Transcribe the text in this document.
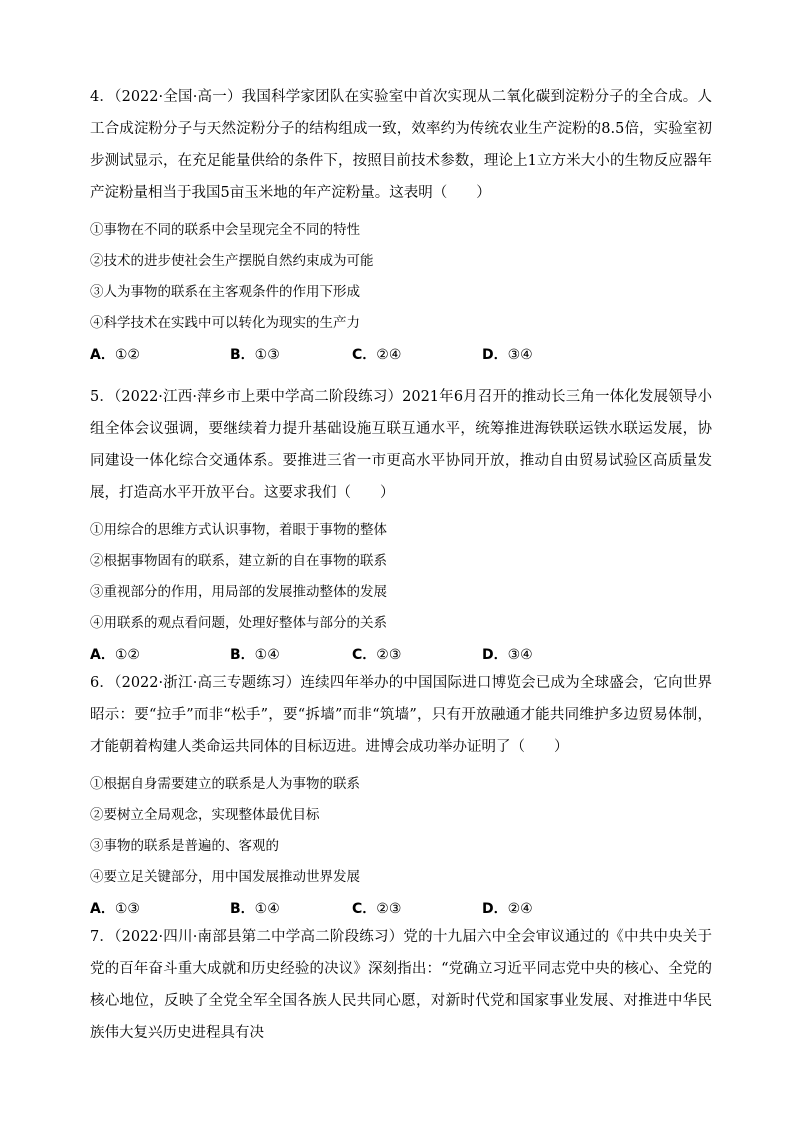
4．（2022·全国·高一）我国科学家团队在实验室中首次实现从二氧化碳到淀粉分子的全合成。人工合成淀粉分子与天然淀粉分子的结构组成一致，效率约为传统农业生产淀粉的8.5倍，实验室初步测试显示，在充足能量供给的条件下，按照目前技术参数，理论上1立方米大小的生物反应器年产淀粉量相当于我国5亩玉米地的年产淀粉量。这表明（　　）

①事物在不同的联系中会呈现完全不同的特性
②技术的进步使社会生产摆脱自然约束成为可能
③人为事物的联系在主客观条件的作用下形成
④科学技术在实践中可以转化为现实的生产力
A．①②	B．①③	C．②④	D．③④

5．（2022·江西·萍乡市上栗中学高二阶段练习）2021年6月召开的推动长三角一体化发展领导小组全体会议强调，要继续着力提升基础设施互联互通水平，统筹推进海铁联运铁水联运发展，协同建设一体化综合交通体系。要推进三省一市更高水平协同开放，推动自由贸易试验区高质量发展，打造高水平开放平台。这要求我们（　　）

①用综合的思维方式认识事物，着眼于事物的整体
②根据事物固有的联系，建立新的自在事物的联系
③重视部分的作用，用局部的发展推动整体的发展
④用联系的观点看问题，处理好整体与部分的关系
A．①②	B．①④	C．②③	D．③④

6．（2022·浙江·高三专题练习）连续四年举办的中国国际进口博览会已成为全球盛会，它向世界昭示：要“拉手”而非“松手”，要“拆墙”而非“筑墙”，只有开放融通才能共同维护多边贸易体制，才能朝着构建人类命运共同体的目标迈进。进博会成功举办证明了（　　）

①根据自身需要建立的联系是人为事物的联系
②要树立全局观念，实现整体最优目标
③事物的联系是普遍的、客观的
④要立足关键部分，用中国发展推动世界发展
A．①③	B．①④	C．②③	D．②④

7．（2022·四川·南部县第二中学高二阶段练习）党的十九届六中全会审议通过的《中共中央关于党的百年奋斗重大成就和历史经验的决议》深刻指出：“党确立习近平同志党中央的核心、全党的核心地位，反映了全党全军全国各族人民共同心愿，对新时代党和国家事业发展、对推进中华民族伟大复兴历史进程具有决
